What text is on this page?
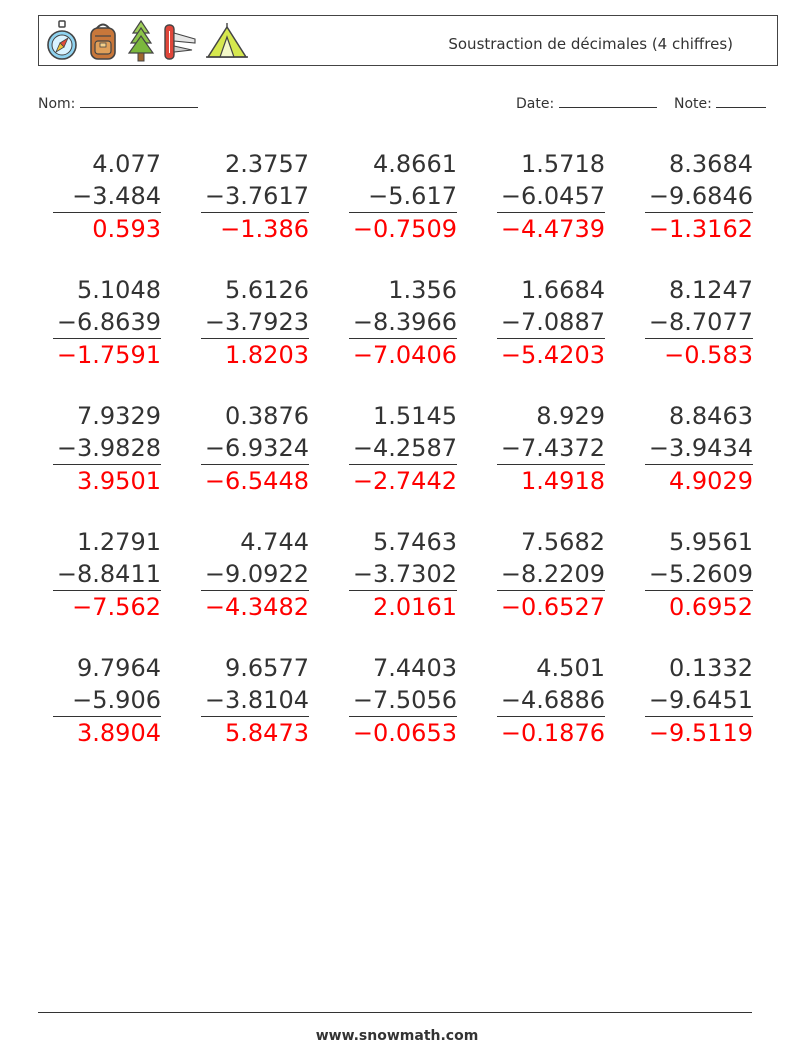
Soustraction de décimales (4 chiffres)
Nom:	Date:	Note:
4.077
−3.484
0.593
2.3757
−3.7617
−1.386
4.8661
−5.617
−0.7509
1.5718
−6.0457
−4.4739
8.3684
−9.6846
−1.3162
5.1048
−6.8639
−1.7591
5.6126
−3.7923
1.8203
1.356
−8.3966
−7.0406
1.6684
−7.0887
−5.4203
8.1247
−8.7077
−0.583
7.9329
−3.9828
3.9501
0.3876
−6.9324
−6.5448
1.5145
−4.2587
−2.7442
8.929
−7.4372
1.4918
8.8463
−3.9434
4.9029
1.2791
−8.8411
−7.562
4.744
−9.0922
−4.3482
5.7463
−3.7302
2.0161
7.5682
−8.2209
−0.6527
5.9561
−5.2609
0.6952
9.7964
−5.906
3.8904
9.6577
−3.8104
5.8473
7.4403
−7.5056
−0.0653
4.501
−4.6886
−0.1876
0.1332
−9.6451
−9.5119
www.snowmath.com
